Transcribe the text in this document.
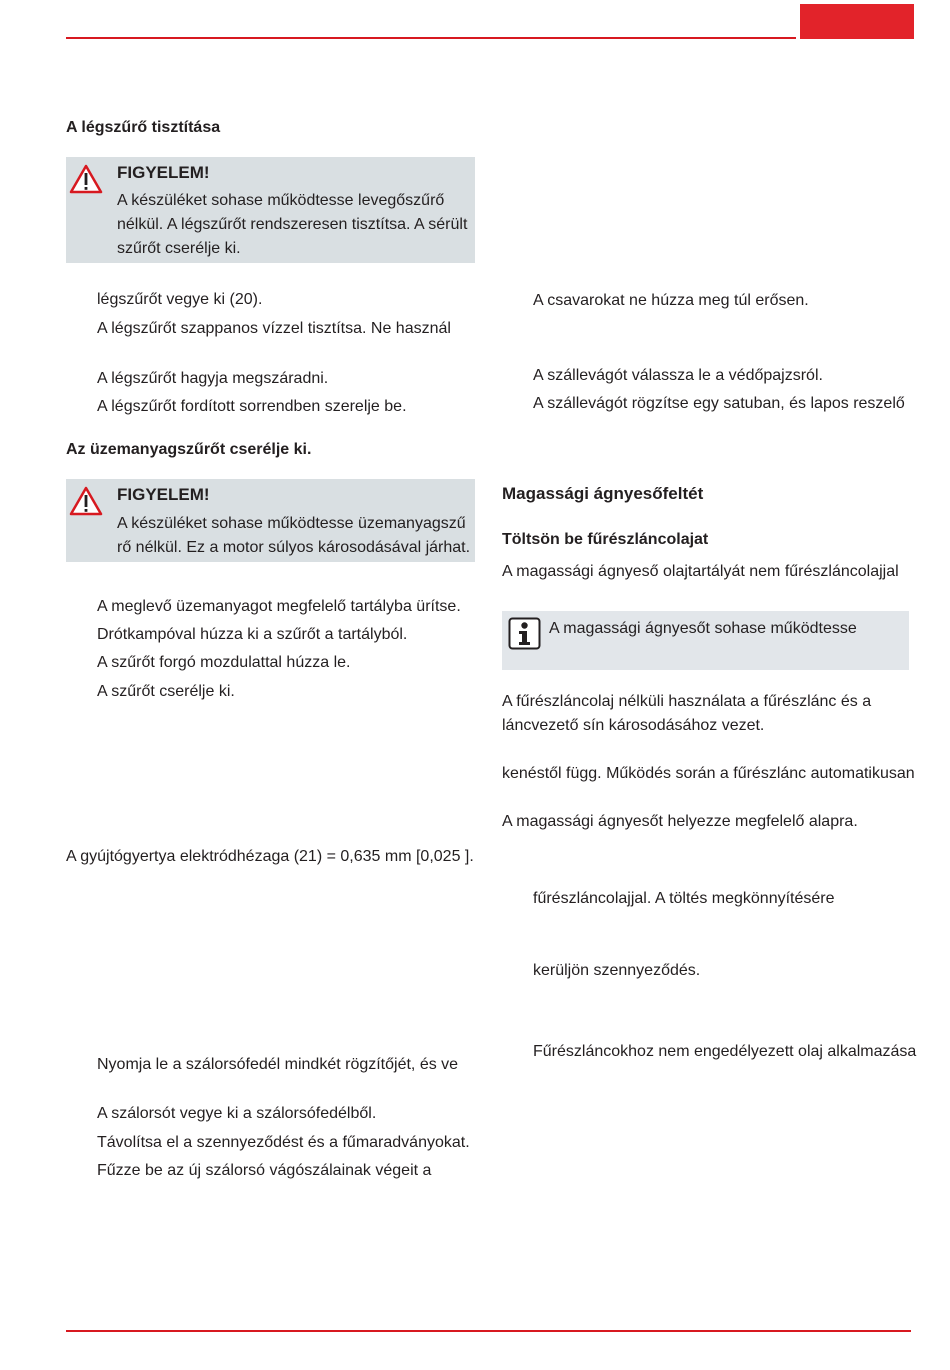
A légszűrő tisztítása
FIGYELEM!
A készüléket sohase működtesse levegőszűrő
nélkül. A légszűrőt rendszeresen tisztítsa. A sérült
szűrőt cserélje ki.
légszűrőt vegye ki (20).
A légszűrőt szappanos vízzel tisztítsa. Ne használ
A légszűrőt hagyja megszáradni.
A légszűrőt fordított sorrendben szerelje be.
Az üzemanyagszűrőt cserélje ki.
FIGYELEM!
A készüléket sohase működtesse üzemanyagszű
rő nélkül. Ez a motor súlyos károsodásával járhat.
A meglevő üzemanyagot megfelelő tartályba ürítse.
Drótkampóval húzza ki a szűrőt a tartályból.
A szűrőt forgó mozdulattal húzza le.
A szűrőt cserélje ki.
A gyújtógyertya elektródhézaga (21) = 0,635 mm [0,025 ].
Nyomja le a szálorsófedél mindkét rögzítőjét, és ve
A szálorsót vegye ki a szálorsófedélből.
Távolítsa el a szennyeződést és a fűmaradványokat.
Fűzze be az új szálorsó vágószálainak végeit a
A csavarokat ne húzza meg túl erősen.
A szállevágót válassza le a védőpajzsról.
A szállevágót rögzítse egy satuban, és lapos reszelő
Magassági ágnyesőfeltét
Töltsön be fűrészláncolajat
A magassági ágnyeső olajtartályát nem fűrészláncolajjal
A magassági ágnyesőt sohase működtesse
A fűrészláncolaj nélküli használata a fűrészlánc és a
láncvezető sín károsodásához vezet.
kenéstől függ. Működés során a fűrészlánc automatikusan
A magassági ágnyesőt helyezze megfelelő alapra.
fűrészláncolajjal. A töltés megkönnyítésére
kerüljön szennyeződés.
Fűrészláncokhoz nem engedélyezett olaj alkalmazása
